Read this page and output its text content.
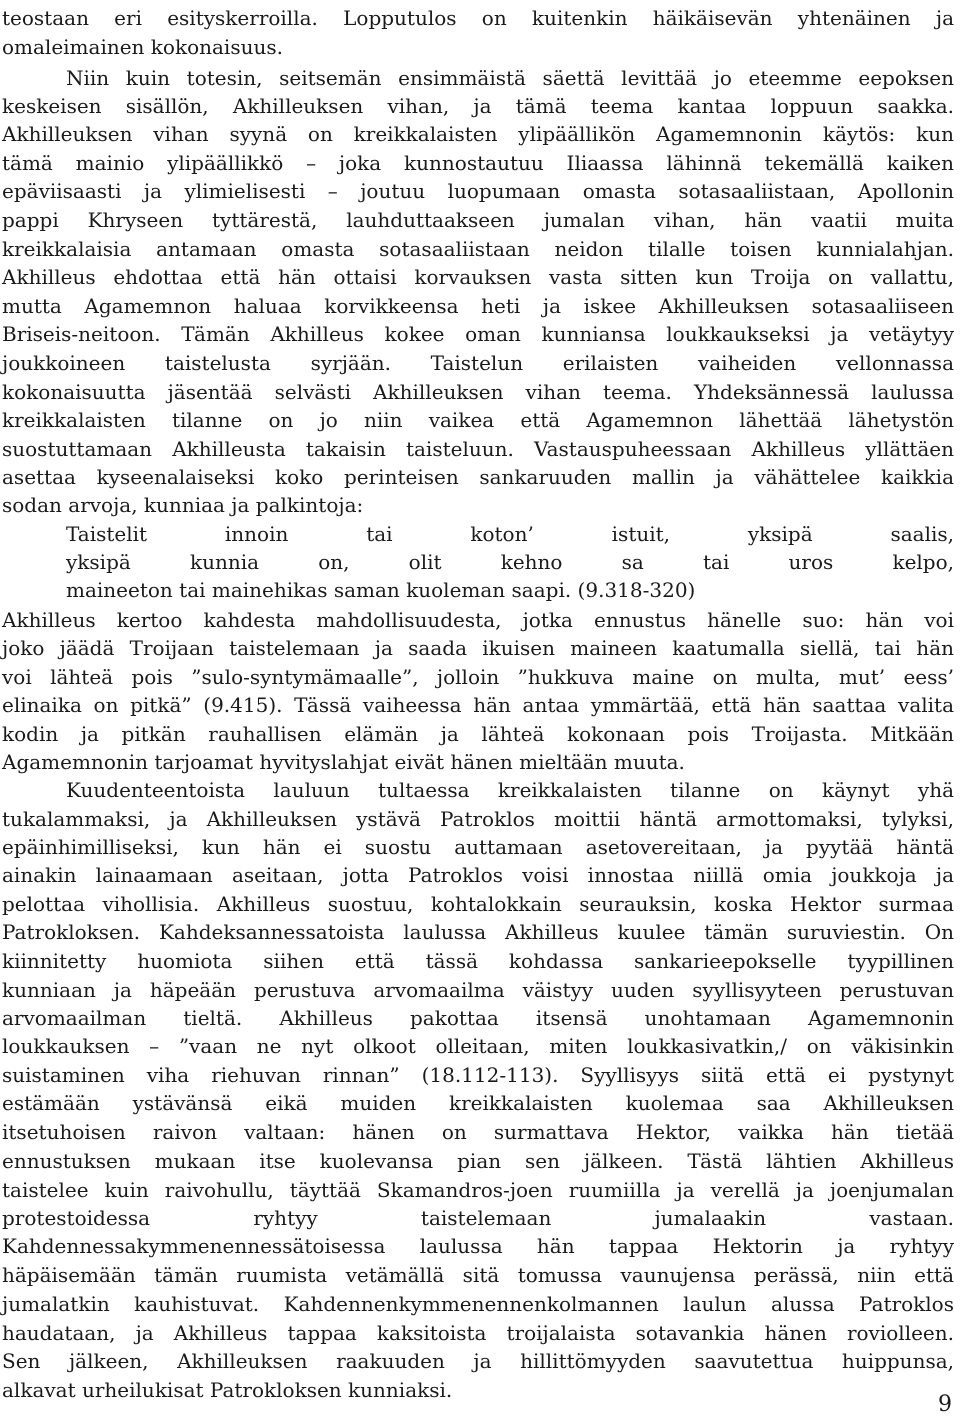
teostaan eri esityskerroilla. Lopputulos on kuitenkin häikäisevän yhtenäinen ja
omaleimainen kokonaisuus.
Niin kuin totesin, seitsemän ensimmäistä säettä levittää jo eteemme eepoksen
keskeisen sisällön, Akhilleuksen vihan, ja tämä teema kantaa loppuun saakka.
Akhilleuksen vihan syynä on kreikkalaisten ylipäällikön Agamemnonin käytös: kun
tämä mainio ylipäällikkö – joka kunnostautuu Iliaassa lähinnä tekemällä kaiken
epäviisaasti ja ylimielisesti – joutuu luopumaan omasta sotasaaliistaan, Apollonin
pappi Khryseen tyttärestä, lauhduttaakseen jumalan vihan, hän vaatii muita
kreikkalaisia antamaan omasta sotasaaliistaan neidon tilalle toisen kunnialahjan.
Akhilleus ehdottaa että hän ottaisi korvauksen vasta sitten kun Troija on vallattu,
mutta Agamemnon haluaa korvikkeensa heti ja iskee Akhilleuksen sotasaaliiseen
Briseis-neitoon. Tämän Akhilleus kokee oman kunniansa loukkaukseksi ja vetäytyy
joukkoineen taistelusta syrjään. Taistelun erilaisten vaiheiden vellonnassa
kokonaisuutta jäsentää selvästi Akhilleuksen vihan teema. Yhdeksännessä laulussa
kreikkalaisten tilanne on jo niin vaikea että Agamemnon lähettää lähetystön
suostuttamaan Akhilleusta takaisin taisteluun. Vastauspuheessaan Akhilleus yllättäen
asettaa kyseenalaiseksi koko perinteisen sankaruuden mallin ja vähättelee kaikkia
sodan arvoja, kunniaa ja palkintoja:
Taistelit innoin tai koton’ istuit, yksipä saalis,
yksipä kunnia on, olit kehno sa tai uros kelpo,
maineeton tai mainehikas saman kuoleman saapi. (9.318-320)
Akhilleus kertoo kahdesta mahdollisuudesta, jotka ennustus hänelle suo: hän voi
joko jäädä Troijaan taistelemaan ja saada ikuisen maineen kaatumalla siellä, tai hän
voi lähteä pois ”sulo-syntymämaalle”, jolloin ”hukkuva maine on multa, mut’ eess’
elinaika on pitkä” (9.415). Tässä vaiheessa hän antaa ymmärtää, että hän saattaa valita
kodin ja pitkän rauhallisen elämän ja lähteä kokonaan pois Troijasta. Mitkään
Agamemnonin tarjoamat hyvityslahjat eivät hänen mieltään muuta.
Kuudenteentoista lauluun tultaessa kreikkalaisten tilanne on käynyt yhä
tukalammaksi, ja Akhilleuksen ystävä Patroklos moittii häntä armottomaksi, tylyksi,
epäinhimilliseksi, kun hän ei suostu auttamaan asetovereitaan, ja pyytää häntä
ainakin lainaamaan aseitaan, jotta Patroklos voisi innostaa niillä omia joukkoja ja
pelottaa vihollisia. Akhilleus suostuu, kohtalokkain seurauksin, koska Hektor surmaa
Patrokloksen. Kahdeksannessatoista laulussa Akhilleus kuulee tämän suruviestin. On
kiinnitetty huomiota siihen että tässä kohdassa sankarieepokselle tyypillinen
kunniaan ja häpeään perustuva arvomaailma väistyy uuden syyllisyyteen perustuvan
arvomaailman tieltä. Akhilleus pakottaa itsensä unohtamaan Agamemnonin
loukkauksen – ”vaan ne nyt olkoot olleitaan, miten loukkasivatkin,/ on väkisinkin
suistaminen viha riehuvan rinnan” (18.112-113). Syyllisyys siitä että ei pystynyt
estämään ystävänsä eikä muiden kreikkalaisten kuolemaa saa Akhilleuksen
itsetuhoisen raivon valtaan: hänen on surmattava Hektor, vaikka hän tietää
ennustuksen mukaan itse kuolevansa pian sen jälkeen. Tästä lähtien Akhilleus
taistelee kuin raivohullu, täyttää Skamandros-joen ruumiilla ja verellä ja joenjumalan
protestoidessa ryhtyy taistelemaan jumalaakin vastaan.
Kahdennessakymmenennessätoisessa laulussa hän tappaa Hektorin ja ryhtyy
häpäisemään tämän ruumista vetämällä sitä tomussa vaunujensa perässä, niin että
jumalatkin kauhistuvat. Kahdennenkymmenennenkolmannen laulun alussa Patroklos
haudataan, ja Akhilleus tappaa kaksitoista troijalaista sotavankia hänen roviolleen.
Sen jälkeen, Akhilleuksen raakuuden ja hillittömyyden saavutettua huippunsa,
alkavat urheilukisat Patrokloksen kunniaksi.
9
